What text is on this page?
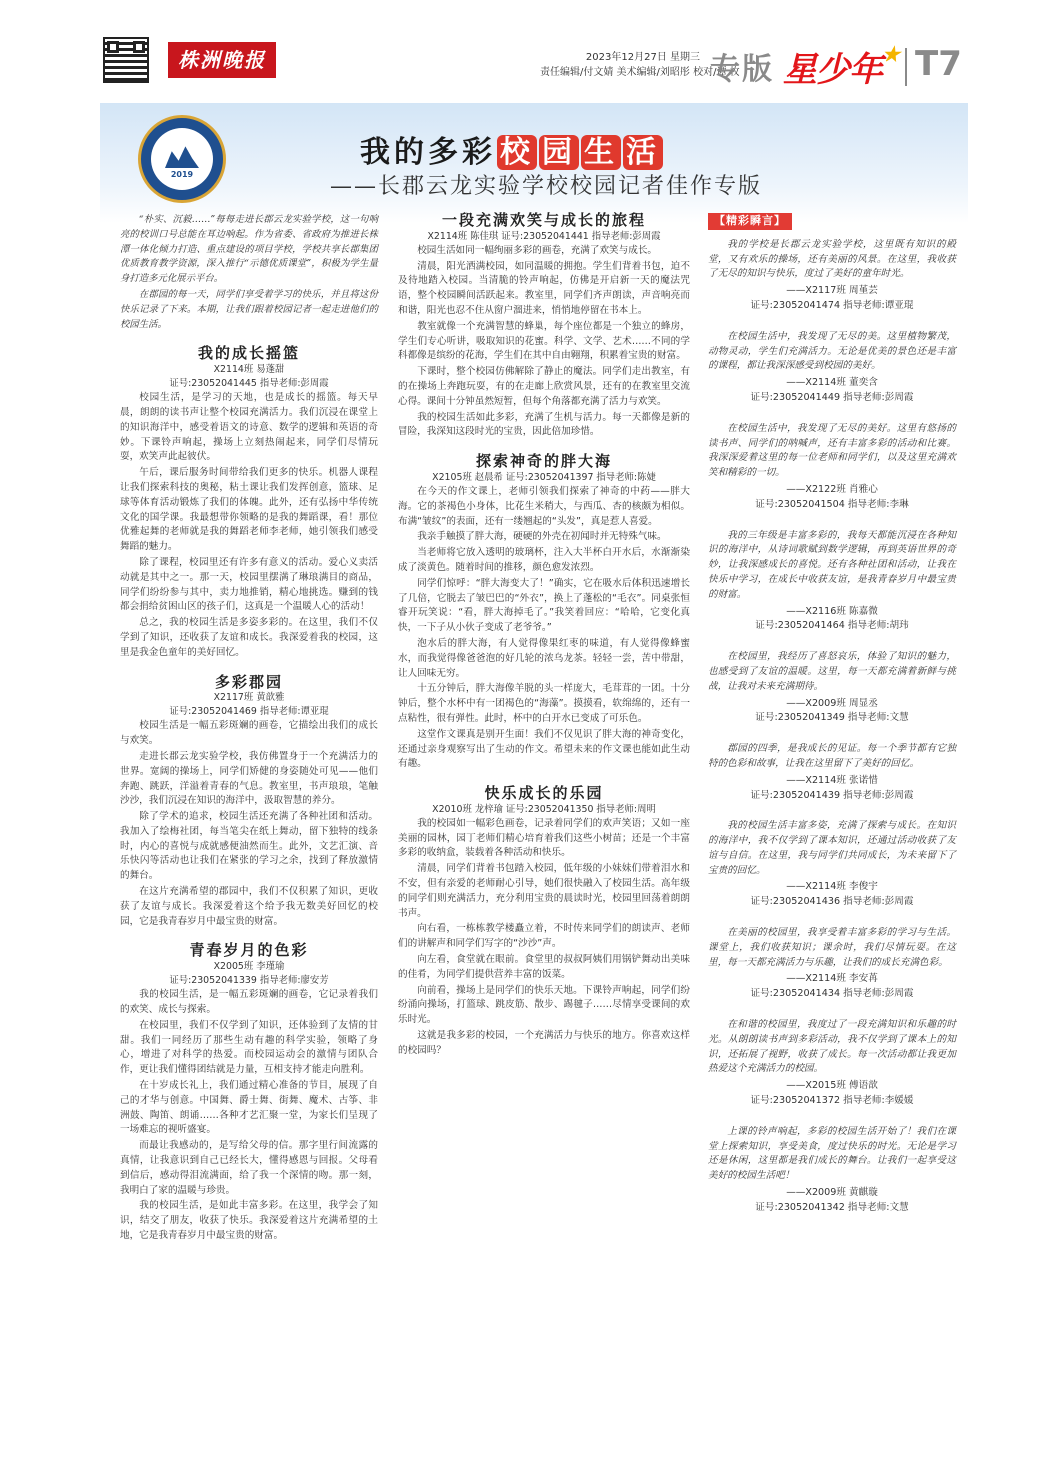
株洲晚报	2023年12月27日 星期三
责任编辑/付文婧 美术编辑/刘昭彤 校对/谭 枚
专版 星少年★ T7
2019
我的多彩 校 园 生 活
——长郡云龙实验学校校园记者佳作专版

“朴实、沉毅……”每每走进长郡云龙实验学校，这一句响亮的校训口号总能在耳边响起。作为省委、省政府为推进长株潭一体化倾力打造、重点建设的项目学校，学校共享长郡集团优质教育教学资源，深入推行“示德优质课堂”，积极为学生量身打造多元化展示平台。

在郡园的每一天，同学们享受着学习的快乐，并且将这份快乐记录了下来。本期，让我们跟着校园记者一起走进他们的校园生活。

我的成长摇篮
X2114班 易蓬甜
证号:23052041445 指导老师:彭周霞

校园生活，是学习的天地，也是成长的摇篮。每天早晨，朗朗的读书声让整个校园充满活力。我们沉浸在课堂上的知识海洋中，感受着语文的诗意、数学的逻辑和英语的奇妙。下课铃声响起，操场上立刻热闹起来，同学们尽情玩耍，欢笑声此起彼伏。

午后，课后服务时间带给我们更多的快乐。机器人课程让我们探索科技的奥秘，粘土课让我们发挥创意，篮球、足球等体育活动锻炼了我们的体魄。此外，还有弘扬中华传统文化的国学课。我最想带你领略的是我的舞蹈课，看！那位优雅起舞的老师就是我的舞蹈老师李老师，她引领我们感受舞蹈的魅力。

除了课程，校园里还有许多有意义的活动。爱心义卖活动就是其中之一。那一天，校园里摆满了琳琅满目的商品，同学们纷纷参与其中，卖力地推销，精心地挑选。赚到的钱都会捐给贫困山区的孩子们，这真是一个温暖人心的活动！

总之，我的校园生活是多姿多彩的。在这里，我们不仅学到了知识，还收获了友谊和成长。我深爱着我的校园，这里是我金色童年的美好回忆。

多彩郡园
X2117班 黄歆雅
证号:23052041469 指导老师:谭亚琨

校园生活是一幅五彩斑斓的画卷，它描绘出我们的成长与欢笑。

走进长郡云龙实验学校，我仿佛置身于一个充满活力的世界。宽阔的操场上，同学们矫健的身姿随处可见——他们奔跑、跳跃，洋溢着青春的气息。教室里，书声琅琅，笔触沙沙，我们沉浸在知识的海洋中，汲取智慧的养分。

除了学术的追求，校园生活还充满了各种社团和活动。我加入了绘梅社团，每当笔尖在纸上舞动，留下独特的线条时，内心的喜悦与成就感便油然而生。此外，文艺汇演、音乐快闪等活动也让我们在紧张的学习之余，找到了释放激情的舞台。

在这片充满希望的郡园中，我们不仅积累了知识，更收获了友谊与成长。我深爱着这个给予我无数美好回忆的校园，它是我青春岁月中最宝贵的财富。

青春岁月的色彩
X2005班 李瑾瑜
证号:23052041339 指导老师:廖安芳

我的校园生活，是一幅五彩斑斓的画卷，它记录着我们的欢笑、成长与探索。

在校园里，我们不仅学到了知识，还体验到了友情的甘甜。我们一同经历了那些生动有趣的科学实验，领略了身心，增进了对科学的热爱。而校园运动会的激情与团队合作，更让我们懂得团结就是力量，互相支持才能走向胜利。

在十岁成长礼上，我们通过精心准备的节目，展现了自己的才华与创意。中国舞、爵士舞、街舞、魔术、古筝、非洲鼓、陶笛、朗诵……各种才艺汇聚一堂，为家长们呈现了一场难忘的视听盛宴。

而最让我感动的，是写给父母的信。那字里行间流露的真情，让我意识到自己已经长大，懂得感恩与回报。父母看到信后，感动得泪流满面，给了我一个深情的吻。那一刻，我明白了家的温暖与珍贵。

我的校园生活，是如此丰富多彩。在这里，我学会了知识，结交了朋友，收获了快乐。我深爱着这片充满希望的土地，它是我青春岁月中最宝贵的财富。

一段充满欢笑与成长的旅程
X2114班 陈佳琪 证号:23052041441 指导老师:彭周霞

校园生活如同一幅绚丽多彩的画卷，充满了欢笑与成长。

清晨，阳光洒满校园，如同温暖的拥抱。学生们背着书包，迫不及待地踏入校园。当清脆的铃声响起，仿佛是开启新一天的魔法咒语，整个校园瞬间活跃起来。教室里，同学们齐声朗读，声音响亮而和谐，阳光也忍不住从窗户溜进来，悄悄地停留在书本上。

教室就像一个充满智慧的蜂巢，每个座位都是一个独立的蜂房，学生们专心听讲，吸取知识的花蜜。科学、文学、艺术……不同的学科都像是缤纷的花海，学生们在其中自由翱翔，积累着宝贵的财富。

下课时，整个校园仿佛解除了静止的魔法。同学们走出教室，有的在操场上奔跑玩耍，有的在走廊上欣赏风景，还有的在教室里交流心得。课间十分钟虽然短暂，但每个角落都充满了活力与欢笑。

我的校园生活如此多彩，充满了生机与活力。每一天都像是新的冒险，我深知这段时光的宝贵，因此倍加珍惜。

探索神奇的胖大海
X2105班 赵晨希 证号:23052041397 指导老师:陈婕

在今天的作文课上，老师引领我们探索了神奇的中药——胖大海。它的茶褐色小身体，比花生米稍大，与西瓜、杏的核颇为相似。布满“皱纹”的表面，还有一缕翘起的“头发”，真是惹人喜爱。

我亲手触摸了胖大海，硬硬的外壳在初闻时并无特殊气味。

当老师将它放入透明的玻璃杯，注入大半杯白开水后，水渐渐染成了淡黄色。随着时间的推移，颜色愈发浓烈。

同学们惊呼：“胖大海变大了！”确实，它在吸水后体积迅速增长了几倍，它脱去了皱巴巴的“外衣”，换上了蓬松的“毛衣”。同桌张恒睿开玩笑说：“看，胖大海掉毛了。”我笑着回应：“哈哈，它变化真快，一下子从小伙子变成了老爷爷。”

泡水后的胖大海，有人觉得像果红枣的味道，有人觉得像蜂蜜水，而我觉得像爸爸泡的好几轮的浓乌龙茶。轻轻一尝，苦中带甜，让人回味无穷。

十五分钟后，胖大海像羊脱的头一样庞大，毛茸茸的一团。十分钟后，整个水杯中有一团褐色的“海藻”。摸摸看，软绵绵的，还有一点粘性，很有弹性。此时，杯中的白开水已变成了可乐色。

这堂作文课真是别开生面！我们不仅见识了胖大海的神奇变化，还通过亲身观察写出了生动的作文。希望未来的作文课也能如此生动有趣。

快乐成长的乐园
X2010班 龙梓瑜 证号:23052041350 指导老师:周明

我的校园如一幅彩色画卷，记录着同学们的欢声笑语；又如一座美丽的园林，园丁老师们精心培育着我们这些小树苗；还是一个丰富多彩的收纳盒，装载着各种活动和快乐。

清晨，同学们背着书包踏入校园，低年级的小妹妹们带着泪水和不安，但有亲爱的老师耐心引导，她们很快融入了校园生活。高年级的同学们则充满活力，充分利用宝贵的晨读时光，校园里回荡着朗朗书声。

向右看，一栋栋教学楼矗立着，不时传来同学们的朗读声、老师们的讲解声和同学们写字的“沙沙”声。

向左看，食堂就在眼前。食堂里的叔叔阿姨们用锅铲舞动出美味的佳肴，为同学们提供营养丰富的饭菜。

向前看，操场上是同学们的快乐天地。下课铃声响起，同学们纷纷涌向操场，打篮球、跳皮筋、散步、踢毽子……尽情享受课间的欢乐时光。

这就是我多彩的校园，一个充满活力与快乐的地方。你喜欢这样的校园吗？

【精彩瞬言】

我的学校是长郡云龙实验学校，这里既有知识的殿堂，又有欢乐的操场，还有美丽的风景。在这里，我收获了无尽的知识与快乐，度过了美好的童年时光。

——X2117班 周堇芸
证号:23052041474 指导老师:谭亚琨

在校园生活中，我发现了无尽的美。这里植物繁茂，动物灵动，学生们充满活力。无论是优美的景色还是丰富的课程，都让我深深感受到校园的美好。

——X2114班 董奕含
证号:23052041449 指导老师:彭周霞

在校园生活中，我发现了无尽的美好。这里有悠扬的读书声、同学们的呐喊声，还有丰富多彩的活动和比赛。我深深爱着这里的每一位老师和同学们，以及这里充满欢笑和精彩的一切。

——X2122班 肖雅心
证号:23052041504 指导老师:李琳

我的三年级是丰富多彩的，我每天都能沉浸在各种知识的海洋中，从诗词歌赋到数学逻辑，再到英语世界的奇妙，让我深感成长的喜悦。还有各种社团和活动，让我在快乐中学习，在成长中收获友谊，是我青春岁月中最宝贵的财富。

——X2116班 陈嘉微
证号:23052041464 指导老师:胡玮

在校园里，我经历了喜怒哀乐，体验了知识的魅力，也感受到了友谊的温暖。这里，每一天都充满着新鲜与挑战，让我对未来充满期待。

——X2009班 周显丞
证号:23052041349 指导老师:文慧

郡园的四季，是我成长的见证。每一个季节都有它独特的色彩和故事，让我在这里留下了美好的回忆。

——X2114班 张诺惜
证号:23052041439 指导老师:彭周霞

我的校园生活丰富多姿，充满了探索与成长。在知识的海洋中，我不仅学到了课本知识，还通过活动收获了友谊与自信。在这里，我与同学们共同成长，为未来留下了宝贵的回忆。

——X2114班 李俊宇
证号:23052041436 指导老师:彭周霞

在美丽的校园里，我享受着丰富多彩的学习与生活。课堂上，我们收获知识；课余时，我们尽情玩耍。在这里，每一天都充满活力与乐趣，让我们的成长充满色彩。

——X2114班 李安苒
证号:23052041434 指导老师:彭周霞

在和谐的校园里，我度过了一段充满知识和乐趣的时光。从朗朗读书声到多彩活动，我不仅学到了课本上的知识，还拓展了视野，收获了成长。每一次活动都让我更加热爱这个充满活力的校园。

——X2015班 傅语歆
证号:23052041372 指导老师:李媛媛

上课的铃声响起，多彩的校园生活开始了！我们在课堂上探索知识，享受美食，度过快乐的时光。无论是学习还是休闲，这里都是我们成长的舞台。让我们一起享受这美好的校园生活吧！

——X2009班 黄麒璇
证号:23052041342 指导老师:文慧
